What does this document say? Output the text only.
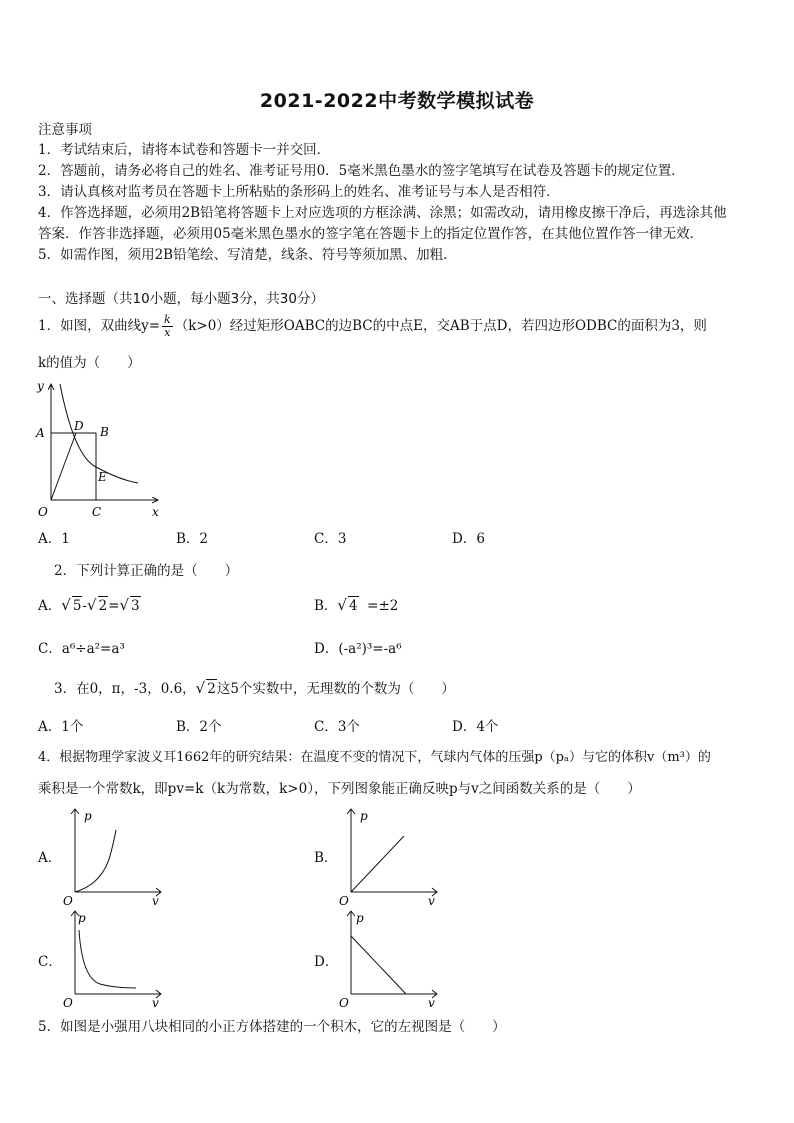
2021-2022中考数学模拟试卷
注意事项
1．考试结束后，请将本试卷和答题卡一并交回．
2．答题前，请务必将自己的姓名、准考证号用0．5毫米黑色墨水的签字笔填写在试卷及答题卡的规定位置．
3．请认真核对监考员在答题卡上所粘贴的条形码上的姓名、准考证号与本人是否相符．
4．作答选择题，必须用2B铅笔将答题卡上对应选项的方框涂满、涂黑；如需改动，请用橡皮擦干净后，再选涂其他
答案．作答非选择题，必须用05毫米黑色墨水的签字笔在答题卡上的指定位置作答，在其他位置作答一律无效．
5．如需作图，须用2B铅笔绘、写清楚，线条、符号等须加黑、加粗．
一、选择题（共10小题，每小题3分，共30分）
1．如图，双曲线$y= \frac{k}{x} (k>0)$经过矩形OABC的边BC的中点E，交AB于点D，若四边形ODBC的面积为3，则
k的值为（　　）
y
x
A D B
E
O	C
A．1	B．2	C．3	D．6
2．下列计算正确的是（　　）
A．√ 5-√ 2=√ 3	B．√ 4 =±2
C．a⁶÷a²=a³	D．(-a²)³=-a⁶
3．在0，π，-3，0.6，√ 2这5个实数中，无理数的个数为（　　）
A．1个	B．2个	C．3个	D．4个
4．根据物理学家波义耳1662年的研究结果：在温度不变的情况下，气球内气体的压强p（pₐ）与它的体积v（m³）的
乘积是一个常数k，即pv=k（k为常数，k>0），下列图象能正确反映p与v之间函数关系的是（　　）
A．
p
v
O
B．
p
v
O
C．
p
v
O
D．
p
v
O
5．如图是小强用八块相同的小正方体搭建的一个积木，它的左视图是（　　）
